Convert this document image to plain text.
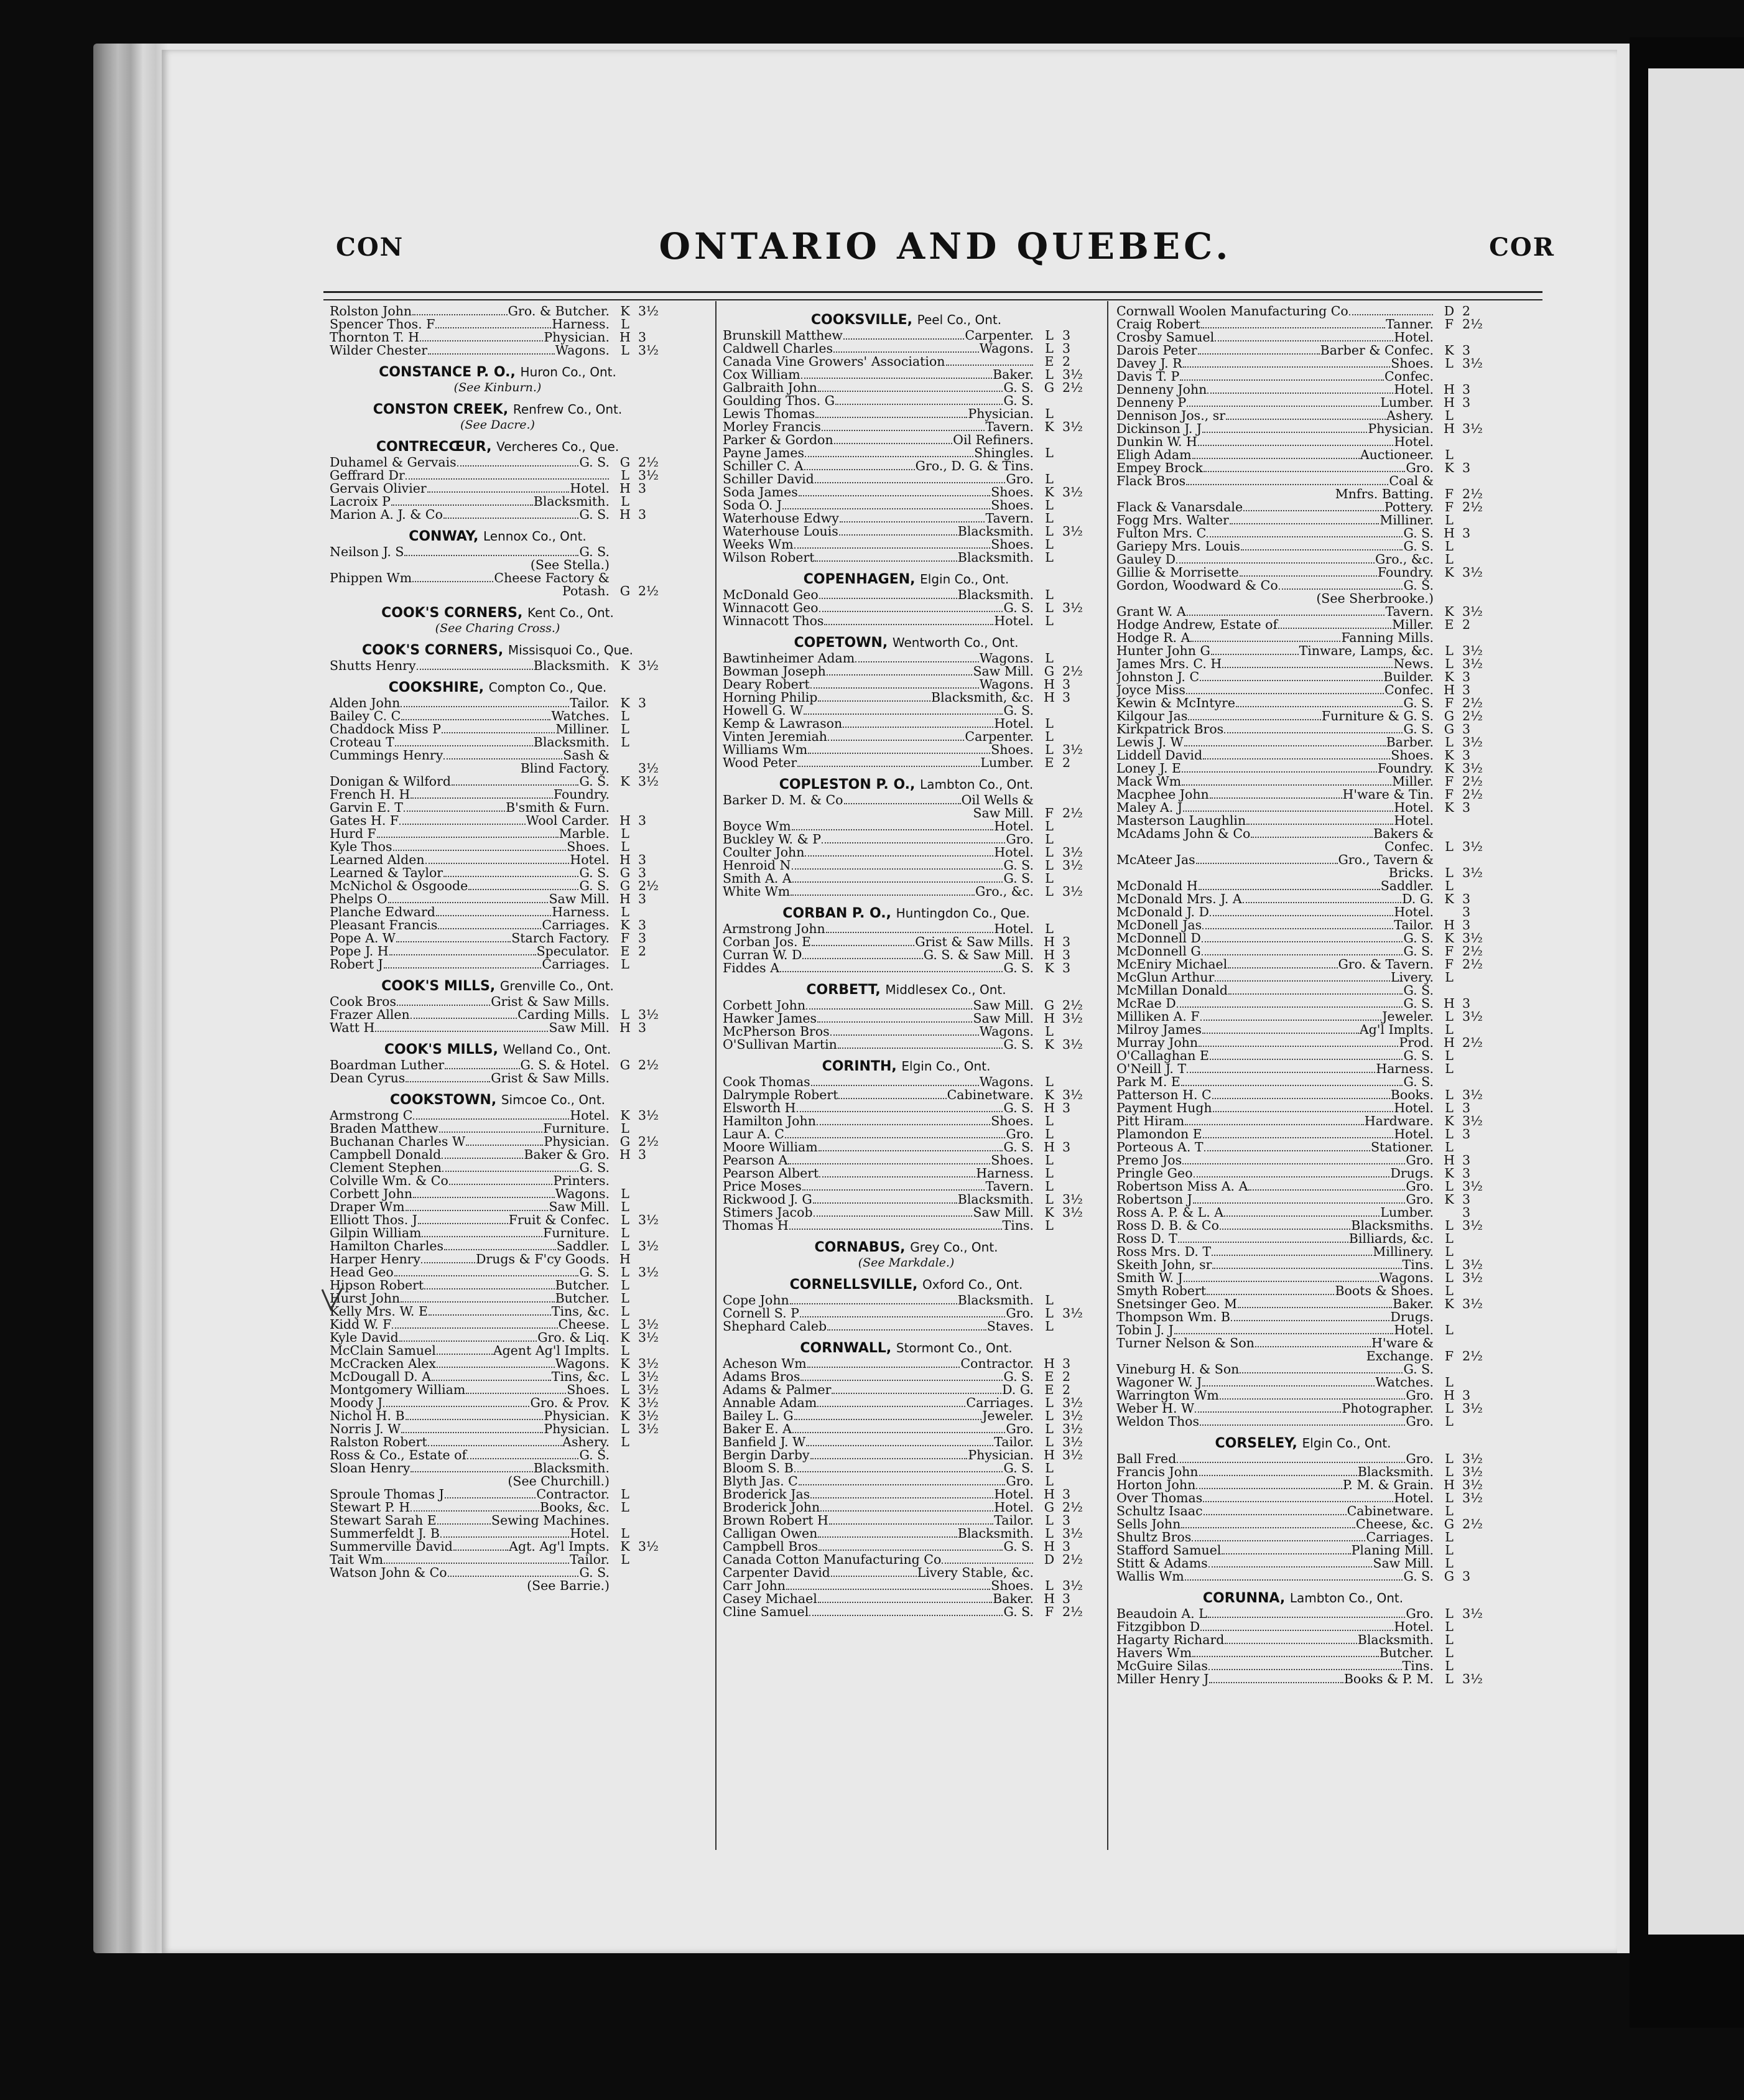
CON	ONTARIO AND QUEBEC.	COR
Rolston John	Gro. & Butcher. K 3½
Spencer Thos. F	Harness. L
Thornton T. H	Physician. H 3
Wilder Chester	Wagons. L 3½
CONSTANCE P. O., Huron Co., Ont.
(See Kinburn.)
CONSTON CREEK, Renfrew Co., Ont.
(See Dacre.)
CONTRECŒUR, Vercheres Co., Que.
Duhamel & Gervais	G. S. G 2½
Geffrard Dr	L 3½
Gervais Olivier	Hotel. H 3
Lacroix P	Blacksmith. L
Marion A. J. & Co	G. S. H 3
CONWAY, Lennox Co., Ont.
Neilson J. S	G. S.
(See Stella.)
Phippen Wm	Cheese Factory &
Potash. G 2½
COOK'S CORNERS, Kent Co., Ont.
(See Charing Cross.)
COOK'S CORNERS, Missisquoi Co., Que.
Shutts Henry	Blacksmith. K 3½
COOKSHIRE, Compton Co., Que.
Alden John	Tailor. K 3
Bailey C. C	Watches. L
Chaddock Miss P	Milliner. L
Croteau T	Blacksmith. L
Cummings Henry	Sash &
Blind Factory. 3½
Donigan & Wilford	G. S. K 3½
French H. H	Foundry.
Garvin E. T	B'smith & Furn.
Gates H. F	Wool Carder. H 3
Hurd F	Marble. L
Kyle Thos	Shoes. L
Learned Alden	Hotel. H 3
Learned & Taylor	G. S. G 3
McNichol & Osgoode	G. S. G 2½
Phelps O	Saw Mill. H 3
Planche Edward	Harness. L
Pleasant Francis	Carriages. K 3
Pope A. W	Starch Factory. F 3
Pope J. H	Speculator. E 2
Robert J	Carriages. L
COOK'S MILLS, Grenville Co., Ont.
Cook Bros	Grist & Saw Mills.
Frazer Allen	Carding Mills. L 3½
Watt H	Saw Mill. H 3
COOK'S MILLS, Welland Co., Ont.
Boardman Luther	G. S. & Hotel. G 2½
Dean Cyrus	Grist & Saw Mills.
COOKSTOWN, Simcoe Co., Ont.
Armstrong C	Hotel. K 3½
Braden Matthew	Furniture. L
Buchanan Charles W	Physician. G 2½
Campbell Donald	Baker & Gro. H 3
Clement Stephen	G. S.
Colville Wm. & Co	Printers.
Corbett John	Wagons. L
Draper Wm	Saw Mill. L
Elliott Thos. J	Fruit & Confec. L 3½
Gilpin William	Furniture. L
Hamilton Charles	Saddler. L 3½
Harper Henry	Drugs & F'cy Goods. H
Head Geo	G. S. L 3½
Hipson Robert	Butcher. L
Hurst John	Butcher. L
Kelly Mrs. W. E	Tins, &c. L
Kidd W. F	Cheese. L 3½
Kyle David	Gro. & Liq. K 3½
McClain Samuel	Agent Ag'l Implts. L
McCracken Alex	Wagons. K 3½
McDougall D. A	Tins, &c. L 3½
Montgomery William	Shoes. L 3½
Moody J	Gro. & Prov. K 3½
Nichol H. B	Physician. K 3½
Norris J. W	Physician. L 3½
Ralston Robert	Ashery. L
Ross & Co., Estate of	G. S.
Sloan Henry	Blacksmith.
(See Churchill.)
Sproule Thomas J	Contractor. L
Stewart P. H	Books, &c. L
Stewart Sarah E	Sewing Machines.
Summerfeldt J. B	Hotel. L
Summerville David	Agt. Ag'l Impts. K 3½
Tait Wm	Tailor. L
Watson John & Co	G. S.
(See Barrie.)
COOKSVILLE, Peel Co., Ont.
Brunskill Matthew	Carpenter. L 3
Caldwell Charles	Wagons. L 3
Canada Vine Growers' Association	E 2
Cox William	Baker. L 3½
Galbraith John	G. S. G 2½
Goulding Thos. G	G. S.
Lewis Thomas	Physician. L
Morley Francis	Tavern. K 3½
Parker & Gordon	Oil Refiners.
Payne James	Shingles. L
Schiller C. A	Gro., D. G. & Tins.
Schiller David	Gro. L
Soda James	Shoes. K 3½
Soda O. J	Shoes. L
Waterhouse Edwy	Tavern. L
Waterhouse Louis	Blacksmith. L 3½
Weeks Wm	Shoes. L
Wilson Robert	Blacksmith. L
COPENHAGEN, Elgin Co., Ont.
McDonald Geo	Blacksmith. L
Winnacott Geo	G. S. L 3½
Winnacott Thos	Hotel. L
COPETOWN, Wentworth Co., Ont.
Bawtinheimer Adam	Wagons. L
Bowman Joseph	Saw Mill. G 2½
Deary Robert	Wagons. H 3
Horning Philip	Blacksmith, &c. H 3
Howell G. W	G. S.
Kemp & Lawrason	Hotel. L
Vinten Jeremiah	Carpenter. L
Williams Wm	Shoes. L 3½
Wood Peter	Lumber. E 2
COPLESTON P. O., Lambton Co., Ont.
Barker D. M. & Co	Oil Wells &
Saw Mill. F 2½
Boyce Wm	Hotel. L
Buckley W. & P	Gro. L
Coulter John	Hotel. L 3½
Henroid N	G. S. L 3½
Smith A. A	G. S. L
White Wm	Gro., &c. L 3½
CORBAN P. O., Huntingdon Co., Que.
Armstrong John	Hotel. L
Corban Jos. E	Grist & Saw Mills. H 3
Curran W. D	G. S. & Saw Mill. H 3
Fiddes A	G. S. K 3
CORBETT, Middlesex Co., Ont.
Corbett John	Saw Mill. G 2½
Hawker James	Saw Mill. H 3½
McPherson Bros	Wagons. L
O'Sullivan Martin	G. S. K 3½
CORINTH, Elgin Co., Ont.
Cook Thomas	Wagons. L
Dalrymple Robert	Cabinetware. K 3½
Elsworth H	G. S. H 3
Hamilton John	Shoes. L
Laur A. C	Gro. L
Moore William	G. S. H 3
Pearson A	Shoes. L
Pearson Albert	Harness. L
Price Moses	Tavern. L
Rickwood J. G	Blacksmith. L 3½
Stimers Jacob	Saw Mill. K 3½
Thomas H	Tins. L
CORNABUS, Grey Co., Ont.
(See Markdale.)
CORNELLSVILLE, Oxford Co., Ont.
Cope John	Blacksmith. L
Cornell S. P	Gro. L 3½
Shephard Caleb	Staves. L
CORNWALL, Stormont Co., Ont.
Acheson Wm	Contractor. H 3
Adams Bros	G. S. E 2
Adams & Palmer	D. G. E 2
Annable Adam	Carriages. L 3½
Bailey L. G	Jeweler. L 3½
Baker E. A	Gro. L 3½
Banfield J. W	Tailor. L 3½
Bergin Darby	Physician. H 3½
Bloom S. B	G. S. L
Blyth Jas. C	Gro. L
Broderick Jas	Hotel. H 3
Broderick John	Hotel. G 2½
Brown Robert H	Tailor. L 3
Calligan Owen	Blacksmith. L 3½
Campbell Bros	G. S. H 3
Canada Cotton Manufacturing Co	D 2½
Carpenter David	Livery Stable, &c.
Carr John	Shoes. L 3½
Casey Michael	Baker. H 3
Cline Samuel	G. S. F 2½
Cornwall Woolen Manufacturing Co	D 2
Craig Robert	Tanner. F 2½
Crosby Samuel	Hotel.
Darois Peter	Barber & Confec. K 3
Davey J. R	Shoes. L 3½
Davis T. P	Confec.
Denneny John	Hotel. H 3
Denneny P	Lumber. H 3
Dennison Jos., sr	Ashery. L
Dickinson J. J	Physician. H 3½
Dunkin W. H	Hotel.
Eligh Adam	Auctioneer. L
Empey Brock	Gro. K 3
Flack Bros	Coal &
Mnfrs. Batting. F 2½
Flack & Vanarsdale	Pottery. F 2½
Fogg Mrs. Walter	Milliner. L
Fulton Mrs. C	G. S. H 3
Gariepy Mrs. Louis	G. S. L
Gauley D	Gro., &c. L
Gillie & Morrisette	Foundry. K 3½
Gordon, Woodward & Co	G. S.
(See Sherbrooke.)
Grant W. A	Tavern. K 3½
Hodge Andrew, Estate of	Miller. E 2
Hodge R. A	Fanning Mills.
Hunter John G	Tinware, Lamps, &c. L 3½
James Mrs. C. H	News. L 3½
Johnston J. C	Builder. K 3
Joyce Miss	Confec. H 3
Kewin & McIntyre	G. S. F 2½
Kilgour Jas	Furniture & G. S. G 2½
Kirkpatrick Bros	G. S. G 3
Lewis J. W	Barber. L 3½
Liddell David	Shoes. K 3
Loney J. E	Foundry. K 3½
Mack Wm	Miller. F 2½
Macphee John	H'ware & Tin. F 2½
Maley A. J	Hotel. K 3
Masterson Laughlin	Hotel.
McAdams John & Co	Bakers &
Confec. L 3½
McAteer Jas	Gro., Tavern &
Bricks. L 3½
McDonald H	Saddler. L
McDonald Mrs. J. A	D. G. K 3
McDonald J. D	Hotel. 3
McDonell Jas	Tailor. H 3
McDonnell D	G. S. K 3½
McDonnell G	G. S. F 2½
McEniry Michael	Gro. & Tavern. F 2½
McGlun Arthur	Livery. L
McMillan Donald	G. S.
McRae D	G. S. H 3
Milliken A. F	Jeweler. L 3½
Milroy James	Ag'l Implts. L
Murray John	Prod. H 2½
O'Callaghan E	G. S. L
O'Neill J. T	Harness. L
Park M. E	G. S.
Patterson H. C	Books. L 3½
Payment Hugh	Hotel. L 3
Pitt Hiram	Hardware. K 3½
Plamondon E	Hotel. L 3
Porteous A. T	Stationer. L
Premo Jos	Gro. H 3
Pringle Geo	Drugs. K 3
Robertson Miss A. A	Gro. L 3½
Robertson J	Gro. K 3
Ross A. P. & L. A	Lumber. 3
Ross D. B. & Co	Blacksmiths. L 3½
Ross D. T	Billiards, &c. L
Ross Mrs. D. T	Millinery. L
Skeith John, sr	Tins. L 3½
Smith W. J	Wagons. L 3½
Smyth Robert	Boots & Shoes. L
Snetsinger Geo. M	Baker. K 3½
Thompson Wm. B	Drugs.
Tobin J. J	Hotel. L
Turner Nelson & Son	H'ware &
Exchange. F 2½
Vineburg H. & Son	G. S.
Wagoner W. J	Watches. L
Warrington Wm	Gro. H 3
Weber H. W	Photographer. L 3½
Weldon Thos	Gro. L
CORSELEY, Elgin Co., Ont.
Ball Fred	Gro. L 3½
Francis John	Blacksmith. L 3½
Horton John	P. M. & Grain. H 3½
Over Thomas	Hotel. L 3½
Schultz Isaac	Cabinetware. L
Sells John	Cheese, &c. G 2½
Shultz Bros	Carriages. L
Stafford Samuel	Planing Mill. L
Stitt & Adams	Saw Mill. L
Wallis Wm	G. S. G 3
CORUNNA, Lambton Co., Ont.
Beaudoin A. L	Gro. L 3½
Fitzgibbon D	Hotel. L
Hagarty Richard	Blacksmith. L
Havers Wm	Butcher. L
McGuire Silas	Tins. L
Miller Henry J	Books & P. M. L 3½
